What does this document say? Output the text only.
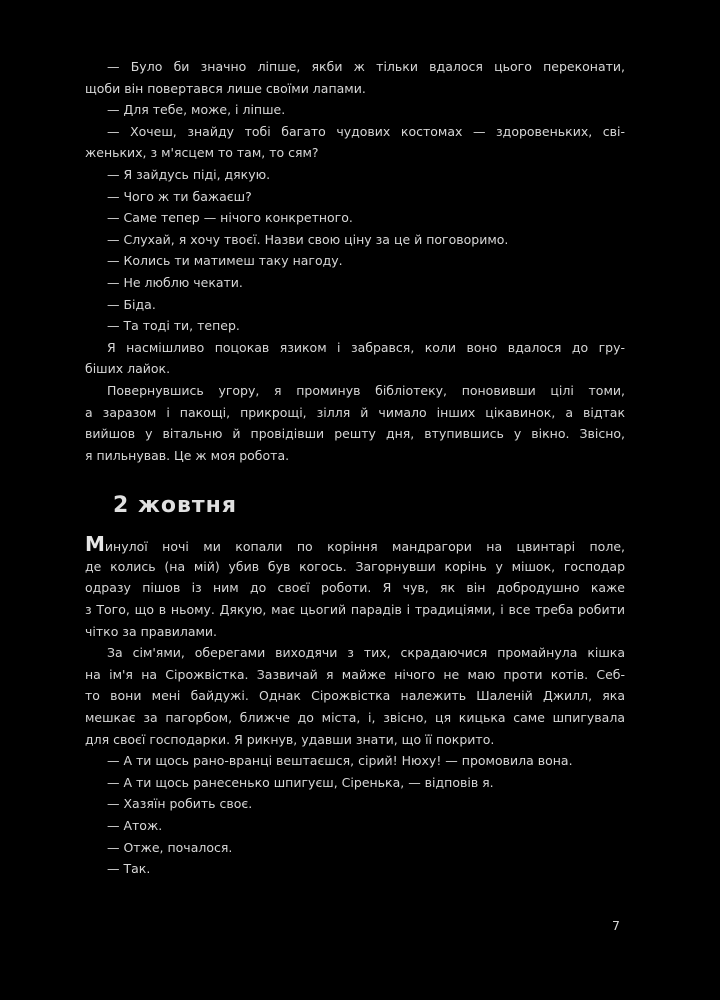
— Було би значно лiпше, якби ж тiльки вдалося цього переконати,
щоби вiн повертався лише своїми лапами.
— Для тебе, може, i лiпше.
— Хочеш, знайду тобi багато чудових костомах — здоровеньких, свi-
женьких, з м'ясцем то там, то сям?
— Я зайдусь пiдi, дякую.
— Чого ж ти бажаєш?
— Саме тепер — нiчого конкретного.
— Слухай, я хочу твоєї. Назви свою цiну за це й поговоримо.
— Колись ти матимеш таку нагоду.
— Не люблю чекати.
— Бiда.
— Та тоді ти, тепер.
Я насмiшливо поцокав язиком i забрався, коли воно вдалося до гру-
бiших лайок.
Повернувшись угору, я проминув бiблiотеку, поновивши цiлi томи,
а заразом i пакощi, прикрощi, зiлля й чимало iнших цiкавинок, а вiдтак
вийшов у вiтальню й провiдiвши решту дня, втупившись у вiкно. Звiсно,
я пильнував. Це ж моя робота.
2 жовтня
Минулої ночi ми копали по корiння мандрагори на цвинтарi поле,
де колись (на мiй) убив був когось. Загорнувши корiнь у мiшок, господар
одразу пiшов iз ним до своєї роботи. Я чув, як вiн добродушно каже
з Того, що в ньому. Дякую, має цьогий парадiв i традицiями, i все треба робити
чiтко за правилами.
За сiм'ями, оберегами виходячи з тих, скрадаючися промайнула кiшка
на iм'я на Сiрожвiстка. Зазвичай я майже нiчого не маю проти котiв. Себ-
то вони менi байдужi. Однак Сiрожвiстка належить Шаленiй Джилл, яка
мешкає за пагорбом, ближче до мiста, i, звiсно, ця кицька саме шпигувала
для своєї господарки. Я рикнув, удавши знати, що її покрито.
— А ти щось рано-вранцi вештаєшся, сiрий! Нюху! — промовила вона.
— А ти щось ранесенько шпигуєш, Сiренька, — вiдповiв я.
— Хазяїн робить своє.
— Атож.
— Отже, почалося.
— Так.
7
